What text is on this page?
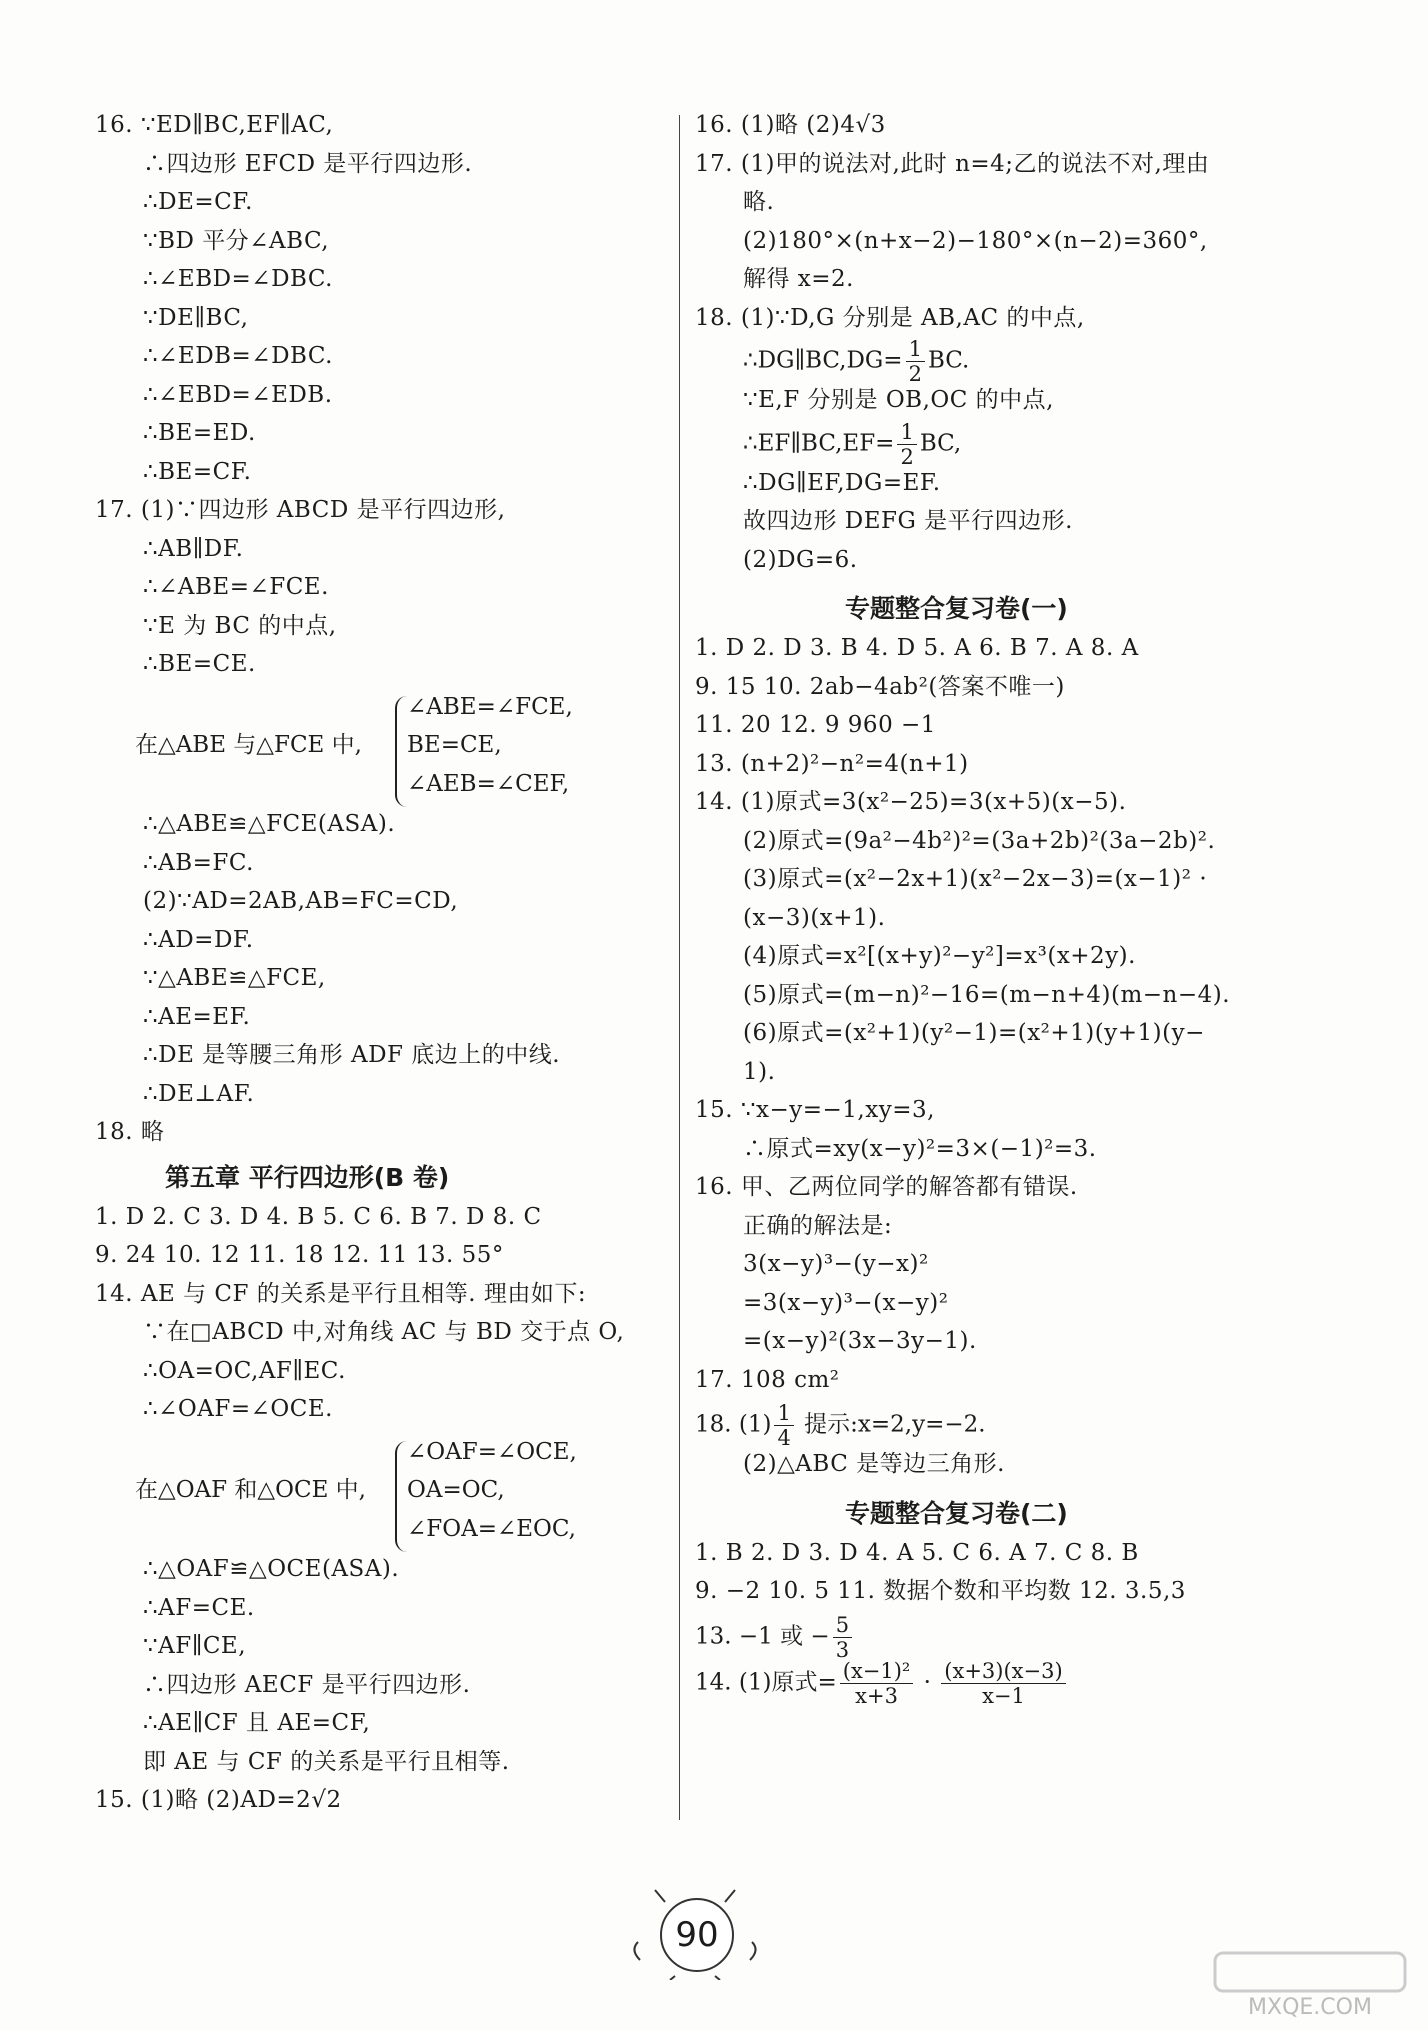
16. ∵ED∥BC,EF∥AC,
∴四边形 EFCD 是平行四边形.
∴DE=CF.
∵BD 平分∠ABC,
∴∠EBD=∠DBC.
∵DE∥BC,
∴∠EDB=∠DBC.
∴∠EBD=∠EDB.
∴BE=ED.
∴BE=CF.
17. (1)∵四边形 ABCD 是平行四边形,
∴AB∥DF.
∴∠ABE=∠FCE.
∵E 为 BC 的中点,
∴BE=CE.
在△ABE 与△FCE 中,
∠ABE=∠FCE,
BE=CE,
∠AEB=∠CEF,
∴△ABE≌△FCE(ASA).
∴AB=FC.
(2)∵AD=2AB,AB=FC=CD,
∴AD=DF.
∵△ABE≌△FCE,
∴AE=EF.
∴DE 是等腰三角形 ADF 底边上的中线.
∴DE⊥AF.
18. 略
第五章 平行四边形(B 卷)
1. D 2. C 3. D 4. B 5. C 6. B 7. D 8. C
9. 24 10. 12 11. 18 12. 11 13. 55°
14. AE 与 CF 的关系是平行且相等. 理由如下:
∵在□ABCD 中,对角线 AC 与 BD 交于点 O,
∴OA=OC,AF∥EC.
∴∠OAF=∠OCE.
在△OAF 和△OCE 中,
∠OAF=∠OCE,
OA=OC,
∠FOA=∠EOC,
∴△OAF≌△OCE(ASA).
∴AF=CE.
∵AF∥CE,
∴四边形 AECF 是平行四边形.
∴AE∥CF 且 AE=CF,
即 AE 与 CF 的关系是平行且相等.
15. (1)略 (2)AD=2√2
16. (1)略 (2)4√3
17. (1)甲的说法对,此时 n=4;乙的说法不对,理由
略.
(2)180°×(n+x−2)−180°×(n−2)=360°,
解得 x=2.
18. (1)∵D,G 分别是 AB,AC 的中点,
∴DG∥BC,DG= $\frac{1}{2}$ BC.
∵E,F 分别是 OB,OC 的中点,
∴EF∥BC,EF= $\frac{1}{2}$ BC,
∴DG∥EF,DG=EF.
故四边形 DEFG 是平行四边形.
(2)DG=6.
专题整合复习卷(一)
1. D 2. D 3. B 4. D 5. A 6. B 7. A 8. A
9. 15 10. 2ab−4ab²(答案不唯一)
11. 20 12. 9 960 −1
13. (n+2)²−n²=4(n+1)
14. (1)原式=3(x²−25)=3(x+5)(x−5).
(2)原式=(9a²−4b²)²=(3a+2b)²(3a−2b)².
(3)原式=(x²−2x+1)(x²−2x−3)=(x−1)² ·
(x−3)(x+1).
(4)原式=x²[(x+y)²−y²]=x³(x+2y).
(5)原式=(m−n)²−16=(m−n+4)(m−n−4).
(6)原式=(x²+1)(y²−1)=(x²+1)(y+1)(y−
1).
15. ∵x−y=−1,xy=3,
∴原式=xy(x−y)²=3×(−1)²=3.
16. 甲、乙两位同学的解答都有错误.
正确的解法是:
3(x−y)³−(y−x)²
=3(x−y)³−(x−y)²
=(x−y)²(3x−3y−1).
17. 108 cm²
18. $(1) \frac{1}{4}$ 提示:x=2,y=−2.
(2)△ABC 是等边三角形.
专题整合复习卷(二)
1. B 2. D 3. D 4. A 5. C 6. A 7. C 8. B
9. −2 10. 5 11. 数据个数和平均数 12. 3.5,3
13. −1 或 − $\frac{5}{3}$
14. (1)原式= $\frac{\text{(x−1)²}}{x+3} \cdot \frac{(x+3)(x-3)}{x-1}$
90
MXQE.COM
